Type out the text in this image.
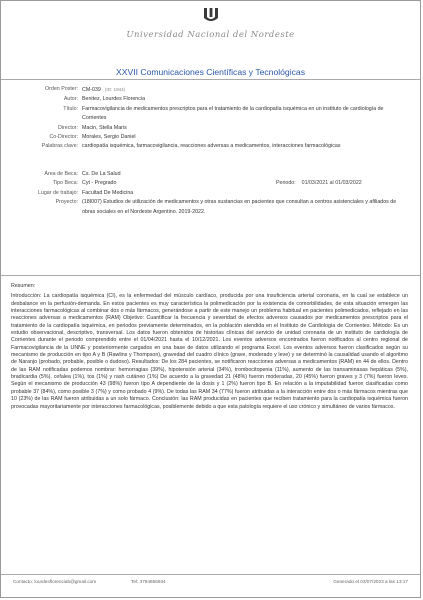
Universidad Nacional del Nordeste
XXVII Comunicaciones Científicas y Tecnológicas
Orden Poster: CM-039 (ID: 1944)
Autor: Benitez, Lourdes Florencia
Título: Farmacovigilancia de medicamentos prescriptos para el tratamiento de la cardiopatía isquémica en un instituto de cardiología de Corrientes
Director: Macin, Stella Maris
Co-Director: Morales, Sergio Daniel
Palabras clave: cardiopatía isquémica, farmacovigilancia, reacciones adversas a medicamentos, interacciones farmacológicas
Área de Beca: Cs. De La Salud
Tipo Beca: Cyt - Pregrado	Periodo: 01/03/2021 al 01/03/2022
Lugar de trabajo: Facultad De Medicina
Proyecto: (18I007) Estudios de utilización de medicamentos y otras sustancias en pacientes que consultan a centros asistenciales y afiliados de obras sociales en el Nordeste Argentino. 2019-2022.
Resumen:
Introducción: La cardiopatía isquémica (CI), es la enfermedad del músculo cardíaco, producida por una insuficiencia arterial coronaria, en la cual se establece un desbalance en la perfusión-demanda. En estos pacientes es muy característica la polimedicación por la existencia de comorbilidades, de esta situación emergen las interacciones farmacológicas al combinar dos o más fármacos, generándose a partir de este manejo un problema habitual en pacientes polimedicados, reflejado en las reacciones adversas a medicamentos (RAM) Objetivo: Cuantificar la frecuencia y severidad de efectos adversos causados por medicamentos prescriptos para el tratamiento de la cardiopatía isquémica, en periodos previamente determinados, en la población atendida en el Instituto de Cardiología de Corrientes. Método: Es un estudio observacional, descriptivo, transversal. Los datos fueron obtenidos de historias clínicas del servicio de unidad coronaria de un instituto de cardiología de Corrientes durante el periodo comprendido entre el 01/04/2021 hasta el 10/12/2021. Los eventos adversos encontrados fueron notificados al centro regional de Farmacovigilancia de la UNNE y posteriormente cargados en una base de datos utilizando el programa Excel. Los eventos adversos fueron clasificados según su mecanismo de producción en tipo A y B (Rawlins y Thompson), gravedad del cuadro clínico (grave, moderado y leve) y se determinó la causalidad usando el algoritmo de Naranjo (probado, probable, posible o dudoso). Resultados: De los 284 pacientes, se notificaron reacciones adversas a medicamentos (RAM) en 44 de ellos. Dentro de las RAM notificadas podemos nombrar: hemorragias (39%), hipotensión arterial (34%), trombocitopenia (11%), aumento de las transaminasas hepáticas (5%), bradicardia (5%), cefalea (1%), tos (1%) y rash cutáneo (1%) De acuerdo a la gravedad 21 (48%) fueron moderadas, 20 (45%) fueron graves y 3 (7%) fueron leves. Según el mecanismo de producción 43 (98%) fueron tipo A dependiente de la dosis y 1 (2%) fueron tipo B. En relación a la imputabilidad fueron clasificadas como probable 37 (84%), como posible 3 (7%) y como probado 4 (9%). De todas las RAM 34 (77%) fueron atribuidas a la interacción entre dos o más fármacos mientras que 10 (23%) de las RAM fueron atribuidas a un solo fármaco. Conclusión: las RAM producidas en pacientes que reciben tratamiento para la cardiopatía isquémica fueron provocadas mayoritariamente por interacciones farmacológicas, posiblemente debido a que esta patología requiere el uso crónico y simultáneo de varios fármacos.
Contacto: lourdesflorenciab@gmail.com	Tel: 3794856934	Generado el 03/07/2023 a las 13:17
